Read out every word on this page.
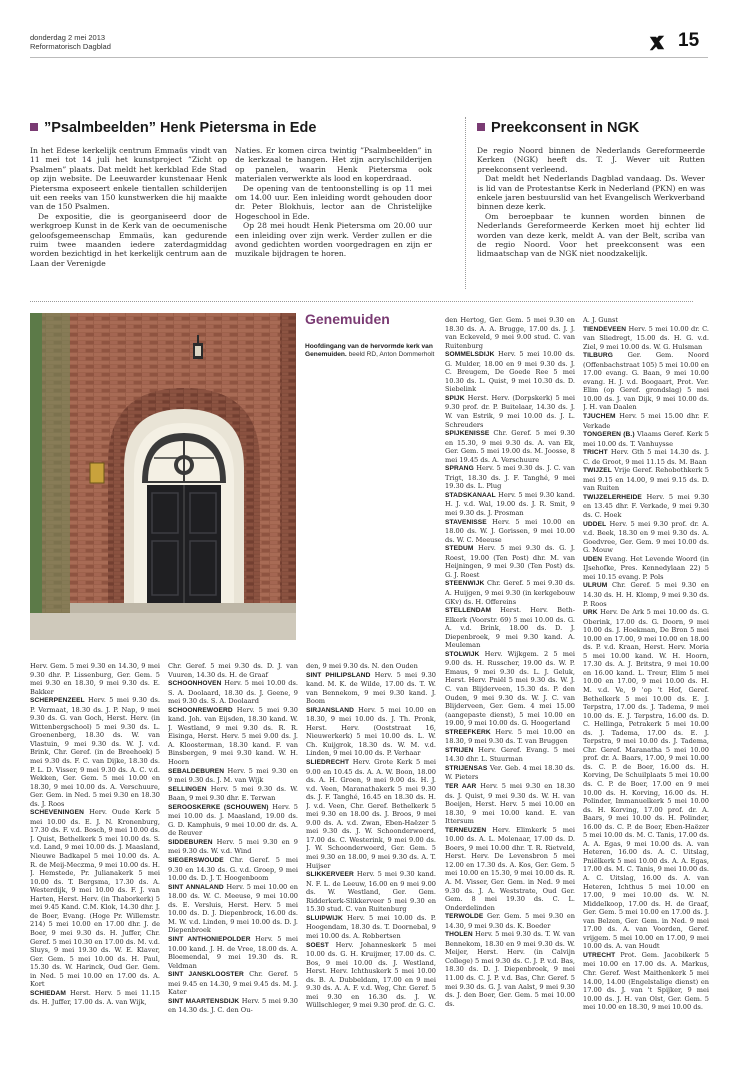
donderdag 2 mei 2013
Reformatorisch Dagblad	15
”Psalmbeelden” Henk Pietersma in Ede

In het Edese kerkelijk centrum Emmaüs vindt van 11 mei tot 14 juli het kunstproject ”Zicht op Psalmen” plaats. Dat meldt het kerkblad Ede Stad op zijn website. De Leeuwarder kunstenaar Henk Pietersma exposeert enkele tientallen schilderijen uit een reeks van 150 kunstwerken die hij maakte van de 150 Psalmen.

De expositie, die is georganiseerd door de werkgroep Kunst in de Kerk van de oecumenische geloofsgemeenschap Emmaüs, kan gedurende ruim twee maanden iedere zaterdagmiddag worden bezichtigd in het kerkelijk centrum aan de Laan der Verenigde

Naties. Er komen circa twintig ”Psalmbeelden” in de kerkzaal te hangen. Het zijn acrylschilderijen op panelen, waarin Henk Pietersma ook materialen verwerkte als lood en koperdraad.

De opening van de tentoonstelling is op 11 mei om 14.00 uur. Een inleiding wordt gehouden door dr. Peter Blokhuis, lector aan de Christelijke Hogeschool in Ede.

Op 28 mei houdt Henk Pietersma om 20.00 uur een inleiding over zijn werk. Verder zullen er die avond gedichten worden voorgedragen en zijn er muzikale bijdragen te horen.

Preekconsent in NGK

De regio Noord binnen de Nederlands Gereformeerde Kerken (NGK) heeft ds. T. J. Wever uit Rutten preekconsent verleend.

Dat meldt het Nederlands Dagblad vandaag. Ds. Wever is lid van de Protestantse Kerk in Nederland (PKN) en was enkele jaren bestuurslid van het Evangelisch Werkverband binnen deze kerk.

Om beroepbaar te kunnen worden binnen de Nederlands Gereformeerde Kerken moet hij echter lid worden van deze kerk, meldt A. van der Belt, scriba van de regio Noord. Voor het preekconsent was een lidmaatschap van de NGK niet noodzakelijk.

Genemuiden
Hoofdingang van de hervormde kerk van Genemuiden. beeld RD, Anton Dommerholt

Herv. Gem. 5 mei 9.30 en 14.30, 9 mei 9.30 dhr. P. Lissenburg, Ger. Gem. 5 mei 9.30 en 18.30, 9 mei 9.30 ds. E. Bakker

SCHERPENZEEL Herv. 5 mei 9.30 ds. P. Vermaat, 18.30 ds. J. P. Nap, 9 mei 9.30 ds. G. van Goch, Herst. Herv. (in Wittenbergschool) 5 mei 9.30 ds. L. Groenenberg, 18.30 ds. W. van Vlastuin, 9 mei 9.30 ds. W. J. v.d. Brink, Chr. Geref. (in de Breehoek) 5 mei 9.30 ds. F. C. van Dijke, 18.30 ds. P. L. D. Visser, 9 mei 9.30 ds. A. C. v.d. Wekken, Ger. Gem. 5 mei 10.00 en 18.30, 9 mei 10.00 ds. A. Verschuure, Ger. Gem. in Ned. 5 mei 9.30 en 18.30 ds. J. Roos

SCHEVENINGEN Herv. Oude Kerk 5 mei 10.00 ds. E. J. N. Kronenburg, 17.30 ds. F. v.d. Bosch, 9 mei 10.00 ds. J. Quist, Bethelkerk 5 mei 10.00 ds. S. v.d. Land, 9 mei 10.00 ds. J. Maasland, Nieuwe Badkapel 5 mei 10.00 ds. A. R. de Meij-Meczma, 9 mei 10.00 ds. H. J. Hemstede, Pr. Julianakerk 5 mei 10.00 ds. T. Bergsma, 17.30 ds. A. Westerdijk, 9 mei 10.00 ds. F. J. van Harten, Herst. Herv. (in Thaborkerk) 5 mei 9.45 Kand. C.M. Klok, 14.30 dhr. J. de Boer, Evang. (Hoge Pr. Willemstr. 214) 5 mei 10.00 en 17.00 dhr. J. de Boer, 9 mei 9.30 ds. H. Juffer, Chr. Geref. 5 mei 10.30 en 17.00 ds. M. v.d. Sluys, 9 mei 19.30 ds. W. E. Klaver, Ger. Gem. 5 mei 10.00 ds. H. Paul, 15.30 ds. W. Harinck, Oud Ger. Gem. in Ned. 5 mei 10.00 en 17.00 ds. A. Kort

SCHIEDAM Herst. Herv. 5 mei 11.15 ds. H. Juffer, 17.00 ds. A. van Wijk,

Chr. Geref. 5 mei 9.30 ds. D. J. van Vuuren, 14.30 ds. H. de Graaf

SCHOONHOVEN Herv. 5 mei 10.00 ds. S. A. Doolaard, 18.30 ds. J. Geene, 9 mei 9.30 ds. S. A. Doolaard

SCHOONREWOERD Herv. 5 mei 9.30 kand. Joh. van Eijsden, 18.30 kand. W. J. Westland, 9 mei 9.30 ds. R. R. Eisinga, Herst. Herv. 5 mei 9.00 ds. J. A. Kloosterman, 18.30 kand. F. van Binsbergen, 9 mei 9.30 kand. W. H. Hoorn

SEBALDEBUREN Herv. 5 mei 9.30 en 9 mei 9.30 ds. J. M. van Wijk

SELLINGEN Herv. 5 mei 9.30 ds. W. Baan, 9 mei 9.30 dhr. E. Terwan

SEROOSKERKE (SCHOUWEN) Herv. 5 mei 10.00 ds. J. Maasland, 19.00 ds. G. D. Kamphuis, 9 mei 10.00 dr. ds. A. de Reuver

SIDDEBUREN Herv. 5 mei 9.30 en 9 mei 9.30 ds. W. v.d. Wind

SIEGERSWOUDE Chr. Geref. 5 mei 9.30 en 14.30 ds. G. v.d. Groep, 9 mei 10.00 ds. D. J. T. Hoogenboom

SINT ANNALAND Herv. 5 mei 10.00 en 18.00 ds. W. C. Meeuse, 9 mei 10.00 ds. E. Versluis, Herst. Herv. 5 mei 10.00 ds. D. J. Diepenbrock, 16.00 ds. M. W. v.d. Linden, 9 mei 10.00 ds. D. J. Diepenbroek

SINT ANTHONIEPOLDER Herv. 5 mei 10.00 kand. J. H. de Vree, 18.00 ds. A. Bloemendal, 9 mei 19.30 ds. R. Veldman

SINT JANSKLOOSTER Chr. Geref. 5 mei 9.45 en 14.30, 9 mei 9.45 ds. M. J. Kater

SINT MAARTENSDIJK Herv. 5 mei 9.30 en 14.30 ds. J. C. den Ou-

den, 9 mei 9.30 ds. N. den Ouden

SINT PHILIPSLAND Herv. 5 mei 9.30 kand. M. K. de Wilde, 17.00 ds. T. W. van Bennekom, 9 mei 9.30 kand. J. Boom

SIRJANSLAND Herv. 5 mei 10.00 en 18.30, 9 mei 10.00 ds. J. Th. Pronk, Herst. Herv. (Ooststraat 16, Nieuwerkerk) 5 mei 10.00 ds. L. W. Ch. Kuijgrok, 18.30 ds. W. M. v.d. Linden, 9 mei 10.00 ds. P. Verhaar

SLIEDRECHT Herv. Grote Kerk 5 mei 9.00 en 10.45 ds. A. A. W. Boon, 18.00 ds. A. H. Groen, 9 mei 9.00 ds. H. J. v.d. Veen, Maranathakerk 5 mei 9.30 ds. J. F. Tanghé, 16.45 en 18.30 ds. H. J. v.d. Veen, Chr. Geref. Bethelkerk 5 mei 9.30 en 18.00 ds. J. Broos, 9 mei 9.00 ds. A. v.d. Zwan, Eben-Haëzer 5 mei 9.30 ds. J. W. Schoonderwoerd, 17.00 ds. C. Westerink, 9 mei 9.00 ds. J. W. Schoonderwoerd, Ger. Gem. 5 mei 9.30 en 18.00, 9 mei 9.30 ds. A. T. Huijser

SLIKKERVEER Herv. 5 mei 9.30 kand. N. F. L. de Leeuw, 16.00 en 9 mei 9.00 ds. W. Westland, Ger. Gem. Ridderkerk-Slikkerveer 5 mei 9.30 en 15.30 stud. C. van Ruitenburg

SLUIPWIJK Herv. 5 mei 10.00 ds. P. Hoogendam, 18.30 ds. T. Doornebal, 9 mei 10.00 ds. A. Robbertsen

SOEST Herv. Johanneskerk 5 mei 10.00 ds. G. H. Kruijmer, 17.00 ds. C. Bos, 9 mei 10.00 ds. J. Westland, Herst. Herv. Ichthuskerk 5 mei 10.00 ds. B. A. Dubbeldam, 17.00 en 9 mei 9.30 ds. A. A. F. v.d. Weg, Chr. Geref. 5 mei 9.30 en 16.30 ds. J. W. Wüllschleger, 9 mei 9.30 prof. dr. G. C.

den Hertog, Ger. Gem. 5 mei 9.30 en 18.30 ds. A. A. Brugge, 17.00 ds. J. J. van Eckeveld, 9 mei 9.00 stud. C. van Ruitenburg

SOMMELSDIJK Herv. 5 mei 10.00 ds. G. Mulder, 18.00 en 9 mei 9.30 ds. J. C. Breugem, De Goede Ree 5 mei 10.30 ds. L. Quist, 9 mei 10.30 ds. D. Siebelink

SPIJK Herst. Herv. (Dorpskerk) 5 mei 9.30 prof. dr. P. Buitelaar, 14.30 ds. J. W. van Estrik, 9 mei 10.00 ds. J. L. Schreuders

SPIJKENISSE Chr. Geref. 5 mei 9.30 en 15.30, 9 mei 9.30 ds. A. van Ek, Ger. Gem. 5 mei 19.00 ds. M. Joosse, 8 mei 19.45 ds. A. Verschuure

SPRANG Herv. 5 mei 9.30 ds. J. C. van Trigt, 18.30 ds. J. F. Tanghé, 9 mei 19.30 ds. L. Plug

STADSKANAAL Herv. 5 mei 9.30 kand. H. J. v.d. Wal, 19.00 ds. J. R. Smit, 9 mei 9.30 ds. J. Prosman

STAVENISSE Herv. 5 mei 10.00 en 18.00 ds. W. J. Gorissen, 9 mei 10.00 ds. W. C. Meeuse

STEDUM Herv. 5 mei 9.30 ds. G. J. Roest, 19.00 (Ten Post) dhr. M. van Heijningen, 9 mei 9.30 (Ten Post) ds. G. J. Roest

STEENWIJK Chr. Geref. 5 mei 9.30 ds. A. Huijgen, 9 mei 9.30 (in kerkgebouw GKv) ds. H. Offereins

STELLENDAM Herst. Herv. Beth-Elkerk (Voorstr. 69) 5 mei 10.00 ds. G. A. v.d. Brink, 18.00 ds. D. J. Diepenbroek, 9 mei 9.30 kand. A. Meuleman

STOLWIJK Herv. Wijkgem. 2 5 mei 9.00 ds. H. Russcher, 19.00 ds. W. P. Emaus, 9 mei 9.30 ds. L. J. Geluk, Herst. Herv. Pniël 5 mei 9.30 ds. W. J. C. van Blijderveen, 15.30 ds. P. den Ouden, 9 mei 9.30 ds. W. J. C. van Blijderveen, Ger. Gem. 4 mei 15.00 (aangepaste dienst), 5 mei 10.00 en 19.00, 9 mei 10.00 ds. G. Hoogerland

STREEFKERK Herv. 5 mei 10.00 en 18.30, 9 mei 9.30 ds. T. van Bruggen

STRIJEN Herv. Geref. Evang. 5 mei 14.30 dhr. L. Stuurman

STRIJENSAS Ver. Geb. 4 mei 18.30 ds. W. Pieters

TER AAR Herv. 5 mei 9.30 en 18.30 ds. J. Quist, 9 mei 9.30 ds. W. H. van Boeijen, Herst. Herv. 5 mei 10.00 en 18.30, 9 mei 10.00 kand. E. van Ittersum

TERNEUZEN Herv. Elimkerk 5 mei 10.00 ds. A. L. Molenaar, 17.00 ds. D. Boers, 9 mei 10.00 dhr. T. R. Rietveld, Herst. Herv. De Levensbron 5 mei 12.00 en 17.30 ds. A. Kos, Ger. Gem. 5 mei 10.00 en 15.30, 9 mei 10.00 ds. R. A. M. Visser, Ger. Gem. in Ned. 9 mei 9.30 ds. J. A. Weststrate, Oud Ger. Gem. 8 mei 19.30 ds. C. L. Onderdelinden

TERWOLDE Ger. Gem. 5 mei 9.30 en 14.30, 9 mei 9.30 ds. K. Boeder

THOLEN Herv. 5 mei 9.30 ds. T. W. van Bennekom, 18.30 en 9 mei 9.30 ds. W. Meijer, Herst. Herv. (in Calvijn College) 5 mei 9.30 ds. C. J. P. v.d. Bas, 18.30 ds. D. J. Diepenbroek, 9 mei 11.00 ds. C. J. P. v.d. Bas, Chr. Geref. 5 mei 9.30 ds. G. J. van Aalst, 9 mei 9.30 ds. J. den Boer, Ger. Gem. 5 mei 10.00 ds.

A. J. Gunst

TIENDEVEEN Herv. 5 mei 10.00 dr. C. van Sliedregt, 15.00 ds. H. G. v.d. Ziel, 9 mei 10.00 ds. W. G. Hulsman

TILBURG Ger. Gem. Noord (Offenbachstraat 105) 5 mei 10.00 en 17.00 evang. G. Baan, 9 mei 10.00 evang. H. J. v.d. Boogaart, Prot. Ver. Elim (op Geref. grondslag) 5 mei 10.00 ds. J. van Dijk, 9 mei 10.00 ds. J. H. van Daalen

TJUCHEM Herv. 5 mei 15.00 dhr. F. Verkade

TONGEREN (B.) Vlaams Geref. Kerk 5 mei 10.00 ds. T. Vanhuysse

TRICHT Herv. Gth 5 mei 14.30 ds. J. C. de Groot, 9 mei 11.15 ds. M. Baan

TWIJZEL Vrije Geref. Rehobothkerk 5 mei 9.15 en 14.00, 9 mei 9.15 ds. D. van Ruiten

TWIJZELERHEIDE Herv. 5 mei 9.30 en 13.45 dhr. F. Verkade, 9 mei 9.30 ds. C. Hoek

UDDEL Herv. 5 mei 9.30 prof. dr. A. v.d. Beek, 18.30 en 9 mei 9.30 ds. A. Goedvree, Ger. Gem. 9 mei 10.00 ds. G. Mouw

UDEN Evang. Het Levende Woord (in IJsehofke, Pres. Kennedylaan 22) 5 mei 10.15 evang. P. Pols

ULRUM Chr. Geref. 5 mei 9.30 en 14.30 ds. H. H. Klomp, 9 mei 9.30 ds. P. Roos

URK Herv. De Ark 5 mei 10.00 ds. G. Oberink, 17.00 ds. G. Doorn, 9 mei 10.00 ds. J. Hoekman, De Bron 5 mei 10.00 en 17.00, 9 mei 10.00 en 18.00 ds. P. v.d. Kraan, Herst. Herv. Moria 5 mei 10.00 kand. W. H. Hoorn, 17.30 ds. A. J. Britstra, 9 mei 10.00 en 16.00 kand. L. Treur, Elim 5 mei 10.00 en 17.00, 9 mei 10.00 ds. H. M. v.d. Ve, 9 'op 't Hof, Geref. Bethelkerk 5 mei 10.00 ds. E. J. Terpstra, 17.00 ds. J. Tadema, 9 mei 10.00 ds. E. J. Terpstra, 16.00 ds. D. C. Hellinga, Petrakerk 5 mei 10.00 ds. J. Tadema, 17.00 ds. E. J. Terpstra, 9 mei 10.00 ds. J. Tadema, Chr. Geref. Maranatha 5 mei 10.00 prof. dr. A. Baars, 17.00, 9 mei 10.00 ds. C. P. de Boer, 16.00 ds. H. Korving, De Schuilplaats 5 mei 10.00 ds. C. P. de Boer, 17.00 en 9 mei 10.00 ds. H. Korving, 16.00 ds. H. Polinder, Immanuelkerk 5 mei 10.00 ds. H. Korving, 17.00 prof. dr. A. Baars, 9 mei 10.00 ds. H. Polinder, 16.00 ds. C. P. de Boer, Eben-Haëzer 5 mei 10.00 ds. M. C. Tanis, 17.00 ds. A. A. Egas, 9 mei 10.00 ds. A. van Heteren, 16.00 ds. A. C. Uitslag, Pniëlkerk 5 mei 10.00 ds. A. A. Egas, 17.00 ds. M. C. Tanis, 9 mei 10.00 ds. A. C. Uitslag, 16.00 ds. A. van Heteren, Ichthus 5 mei 10.00 en 17.00, 9 mei 10.00 ds. W. N. Middelkoop, 17.00 ds. H. de Graaf, Ger. Gem. 5 mei 10.00 en 17.00 ds. J. van Belzen, Ger. Gem. in Ned. 9 mei 17.00 ds. A. van Voorden, Geref. vrijgem. 5 mei 10.00 en 17.00, 9 mei 10.00 ds. A. van Houdt

UTRECHT Prot. Gem. Jacobikerk 5 mei 10.00 en 17.00 ds. A. Markus, Chr. Geref. West Maithenkerk 5 mei 14.00, 14.00 (Engelstalige dienst) en 17.00 ds. J. van 't Spijker, 9 mei 10.00 ds. J. H. van Olst, Ger. Gem. 5 mei 10.00 en 18.30, 9 mei 10.00 ds.
